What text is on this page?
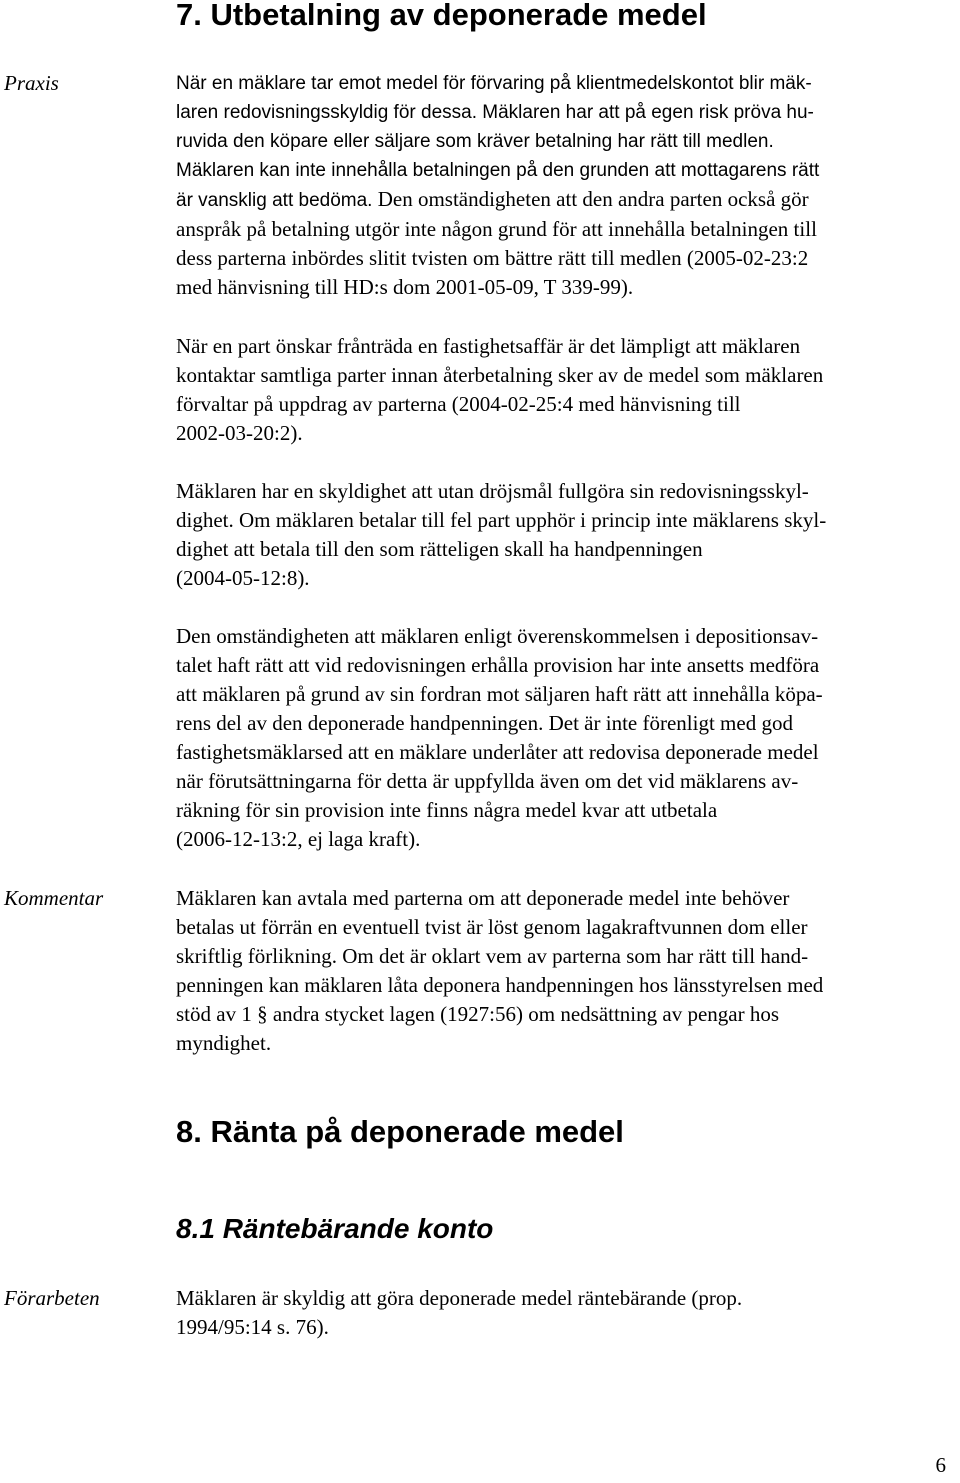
7. Utbetalning av deponerade medel
Praxis	När en mäklare tar emot medel för förvaring på klientmedelskontot blir mäk-
laren redovisningsskyldig för dessa. Mäklaren har att på egen risk pröva hu-
ruvida den köpare eller säljare som kräver betalning har rätt till medlen.
Mäklaren kan inte innehålla betalningen på den grunden att mottagarens rätt
är vansklig att bedöma. Den omständigheten att den andra parten också gör
anspråk på betalning utgör inte någon grund för att innehålla betalningen till
dess parterna inbördes slitit tvisten om bättre rätt till medlen (2005-02-23:2
med hänvisning till HD:s dom 2001-05-09, T 339-99).
När en part önskar frånträda en fastighetsaffär är det lämpligt att mäklaren
kontaktar samtliga parter innan återbetalning sker av de medel som mäklaren
förvaltar på uppdrag av parterna (2004-02-25:4 med hänvisning till
2002-03-20:2).
Mäklaren har en skyldighet att utan dröjsmål fullgöra sin redovisningsskyl-
dighet. Om mäklaren betalar till fel part upphör i princip inte mäklarens skyl-
dighet att betala till den som rätteligen skall ha handpenningen
(2004-05-12:8).
Den omständigheten att mäklaren enligt överenskommelsen i depositionsav-
talet haft rätt att vid redovisningen erhålla provision har inte ansetts medföra
att mäklaren på grund av sin fordran mot säljaren haft rätt att innehålla köpa-
rens del av den deponerade handpenningen. Det är inte förenligt med god
fastighetsmäklarsed att en mäklare underlåter att redovisa deponerade medel
när förutsättningarna för detta är uppfyllda även om det vid mäklarens av-
räkning för sin provision inte finns några medel kvar att utbetala
(2006-12-13:2, ej laga kraft).
Kommentar	Mäklaren kan avtala med parterna om att deponerade medel inte behöver
betalas ut förrän en eventuell tvist är löst genom lagakraftvunnen dom eller
skriftlig förlikning. Om det är oklart vem av parterna som har rätt till hand-
penningen kan mäklaren låta deponera handpenningen hos länsstyrelsen med
stöd av 1 § andra stycket lagen (1927:56) om nedsättning av pengar hos
myndighet.
8. Ränta på deponerade medel
8.1 Räntebärande konto
Förarbeten	Mäklaren är skyldig att göra deponerade medel räntebärande (prop.
1994/95:14 s. 76).
6
